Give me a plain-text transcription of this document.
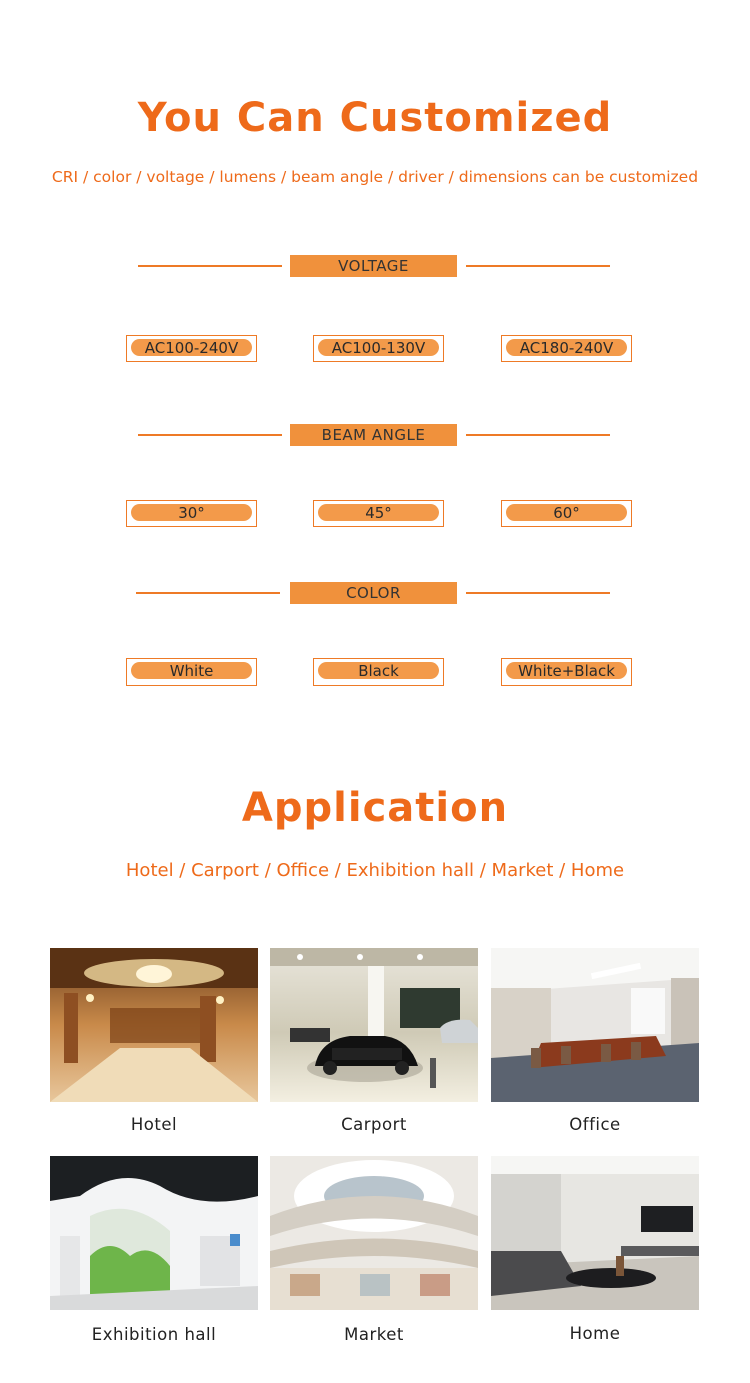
You Can Customized
CRI / color / voltage / lumens / beam angle / driver / dimensions can be customized
VOLTAGE
AC100-240V	AC100-130V	AC180-240V
BEAM ANGLE
30°	45°	60°
COLOR
White	Black	White+Black
Application
Hotel / Carport / Office / Exhibition hall / Market / Home
Hotel	Carport	Office
Exhibition hall	Market	Home
